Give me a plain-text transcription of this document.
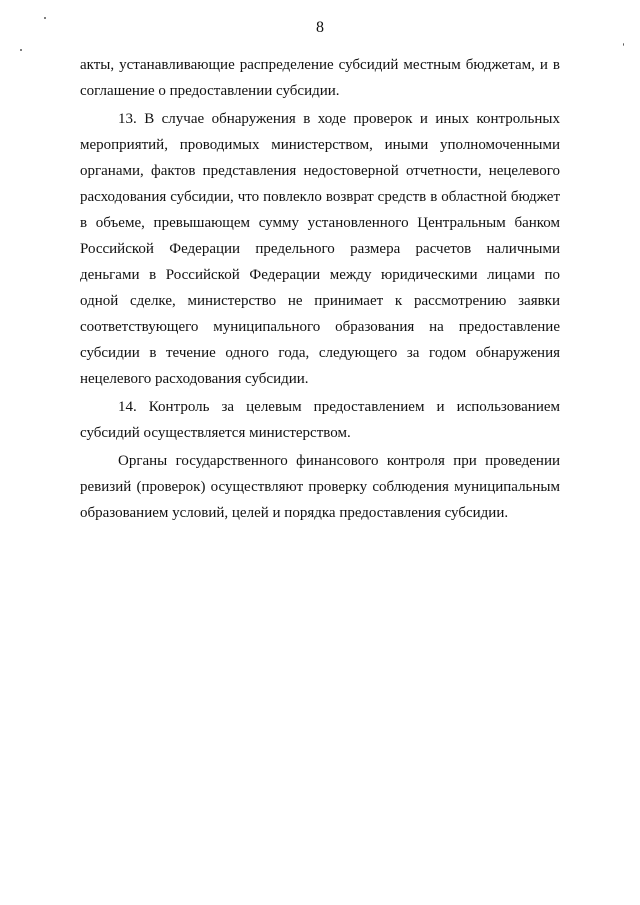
8

акты, устанавливающие распределение субсидий местным бюджетам, и в соглашение о предоставлении субсидии.

13. В случае обнаружения в ходе проверок и иных контрольных мероприятий, проводимых министерством, иными уполномоченными органами, фактов представления недостоверной отчетности, нецелевого расходования субсидии, что повлекло возврат средств в областной бюджет в объеме, превышающем сумму установленного Центральным банком Российской Федерации предельного размера расчетов наличными деньгами в Российской Федерации между юридическими лицами по одной сделке, министерство не принимает к рассмотрению заявки соответствующего муниципального образования на предоставление субсидии в течение одного года, следующего за годом обнаружения нецелевого расходования субсидии.

14. Контроль за целевым предоставлением и использованием субсидий осуществляется министерством.

Органы государственного финансового контроля при проведении ревизий (проверок) осуществляют проверку соблюдения муниципальным образованием условий, целей и порядка предоставления субсидии.
